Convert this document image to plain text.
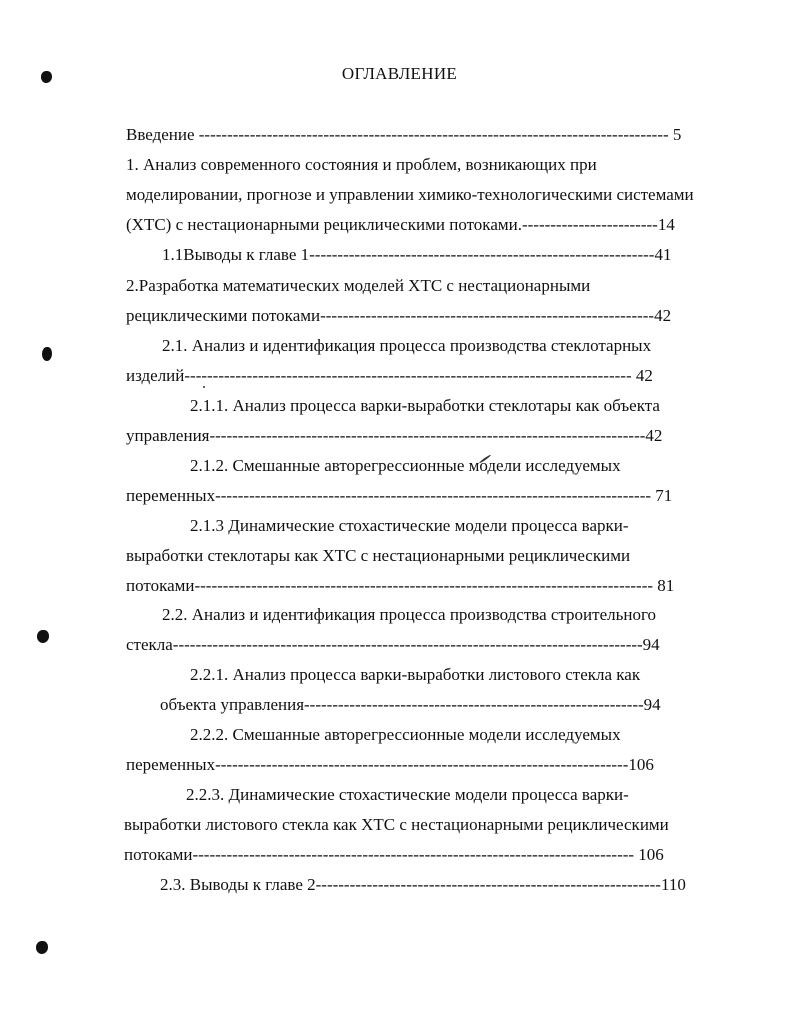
ОГЛАВЛЕНИЕ
Введение ----------------------------------------------------------------------------------- 5
1. Анализ современного состояния и проблем, возникающих при
моделировании, прогнозе и управлении химико-технологическими системами
(ХТС) с нестационарными рециклическими потоками.------------------------14
1.1Выводы к главе 1-------------------------------------------------------------41
2.Разработка математических моделей ХТС с нестационарными
рециклическими потоками-----------------------------------------------------------42
2.1. Анализ и идентификация процесса производства стеклотарных
изделий------------------------------------------------------------------------------- 42
2.1.1. Анализ процесса варки-выработки стеклотары как объекта
управления-----------------------------------------------------------------------------42
2.1.2. Смешанные авторегрессионные модели исследуемых
переменных----------------------------------------------------------------------------- 71
2.1.3 Динамические стохастические модели процесса варки-
выработки стеклотары как ХТС с нестационарными рециклическими
потоками--------------------------------------------------------------------------------- 81
2.2. Анализ и идентификация процесса производства строительного
стекла-----------------------------------------------------------------------------------94
2.2.1. Анализ процесса варки-выработки листового стекла как
объекта управления------------------------------------------------------------94
2.2.2. Смешанные авторегрессионные модели исследуемых
переменных-------------------------------------------------------------------------106
2.2.3. Динамические стохастические модели процесса варки-
выработки листового стекла как ХТС с нестационарными рециклическими
потоками------------------------------------------------------------------------------ 106
2.3. Выводы к главе 2-------------------------------------------------------------110
